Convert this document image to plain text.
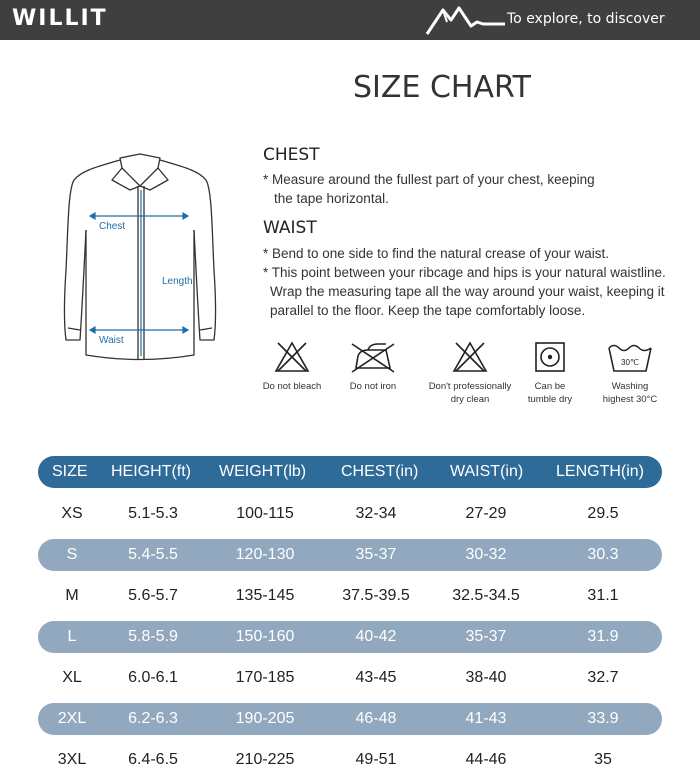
WILLIT	To explore, to discover
SIZE CHART
Chest
Length
Waist
CHEST
* Measure around the fullest part of your chest, keeping
the tape horizontal.
WAIST
* Bend to one side to find the natural crease of your waist.
* This point between your ribcage and hips is your natural waistline.
Wrap the measuring tape all the way around your waist, keeping it
parallel to the floor. Keep the tape comfortably loose.
Do not bleach	Do not iron	Don't professionally
dry clean
Can be
tumble dry
30℃
Washing
highest 30°C
SIZE HEIGHT(ft) WEIGHT(lb) CHEST(in) WAIST(in) LENGTH(in)
XS	5.1-5.3	100-115	32-34	27-29	29.5
S	5.4-5.5	120-130	35-37	30-32	30.3
M	5.6-5.7	135-145	37.5-39.5	32.5-34.5	31.1
L	5.8-5.9	150-160	40-42	35-37	31.9
XL	6.0-6.1	170-185	43-45	38-40	32.7
2XL	6.2-6.3	190-205	46-48	41-43	33.9
3XL	6.4-6.5	210-225	49-51	44-46	35
